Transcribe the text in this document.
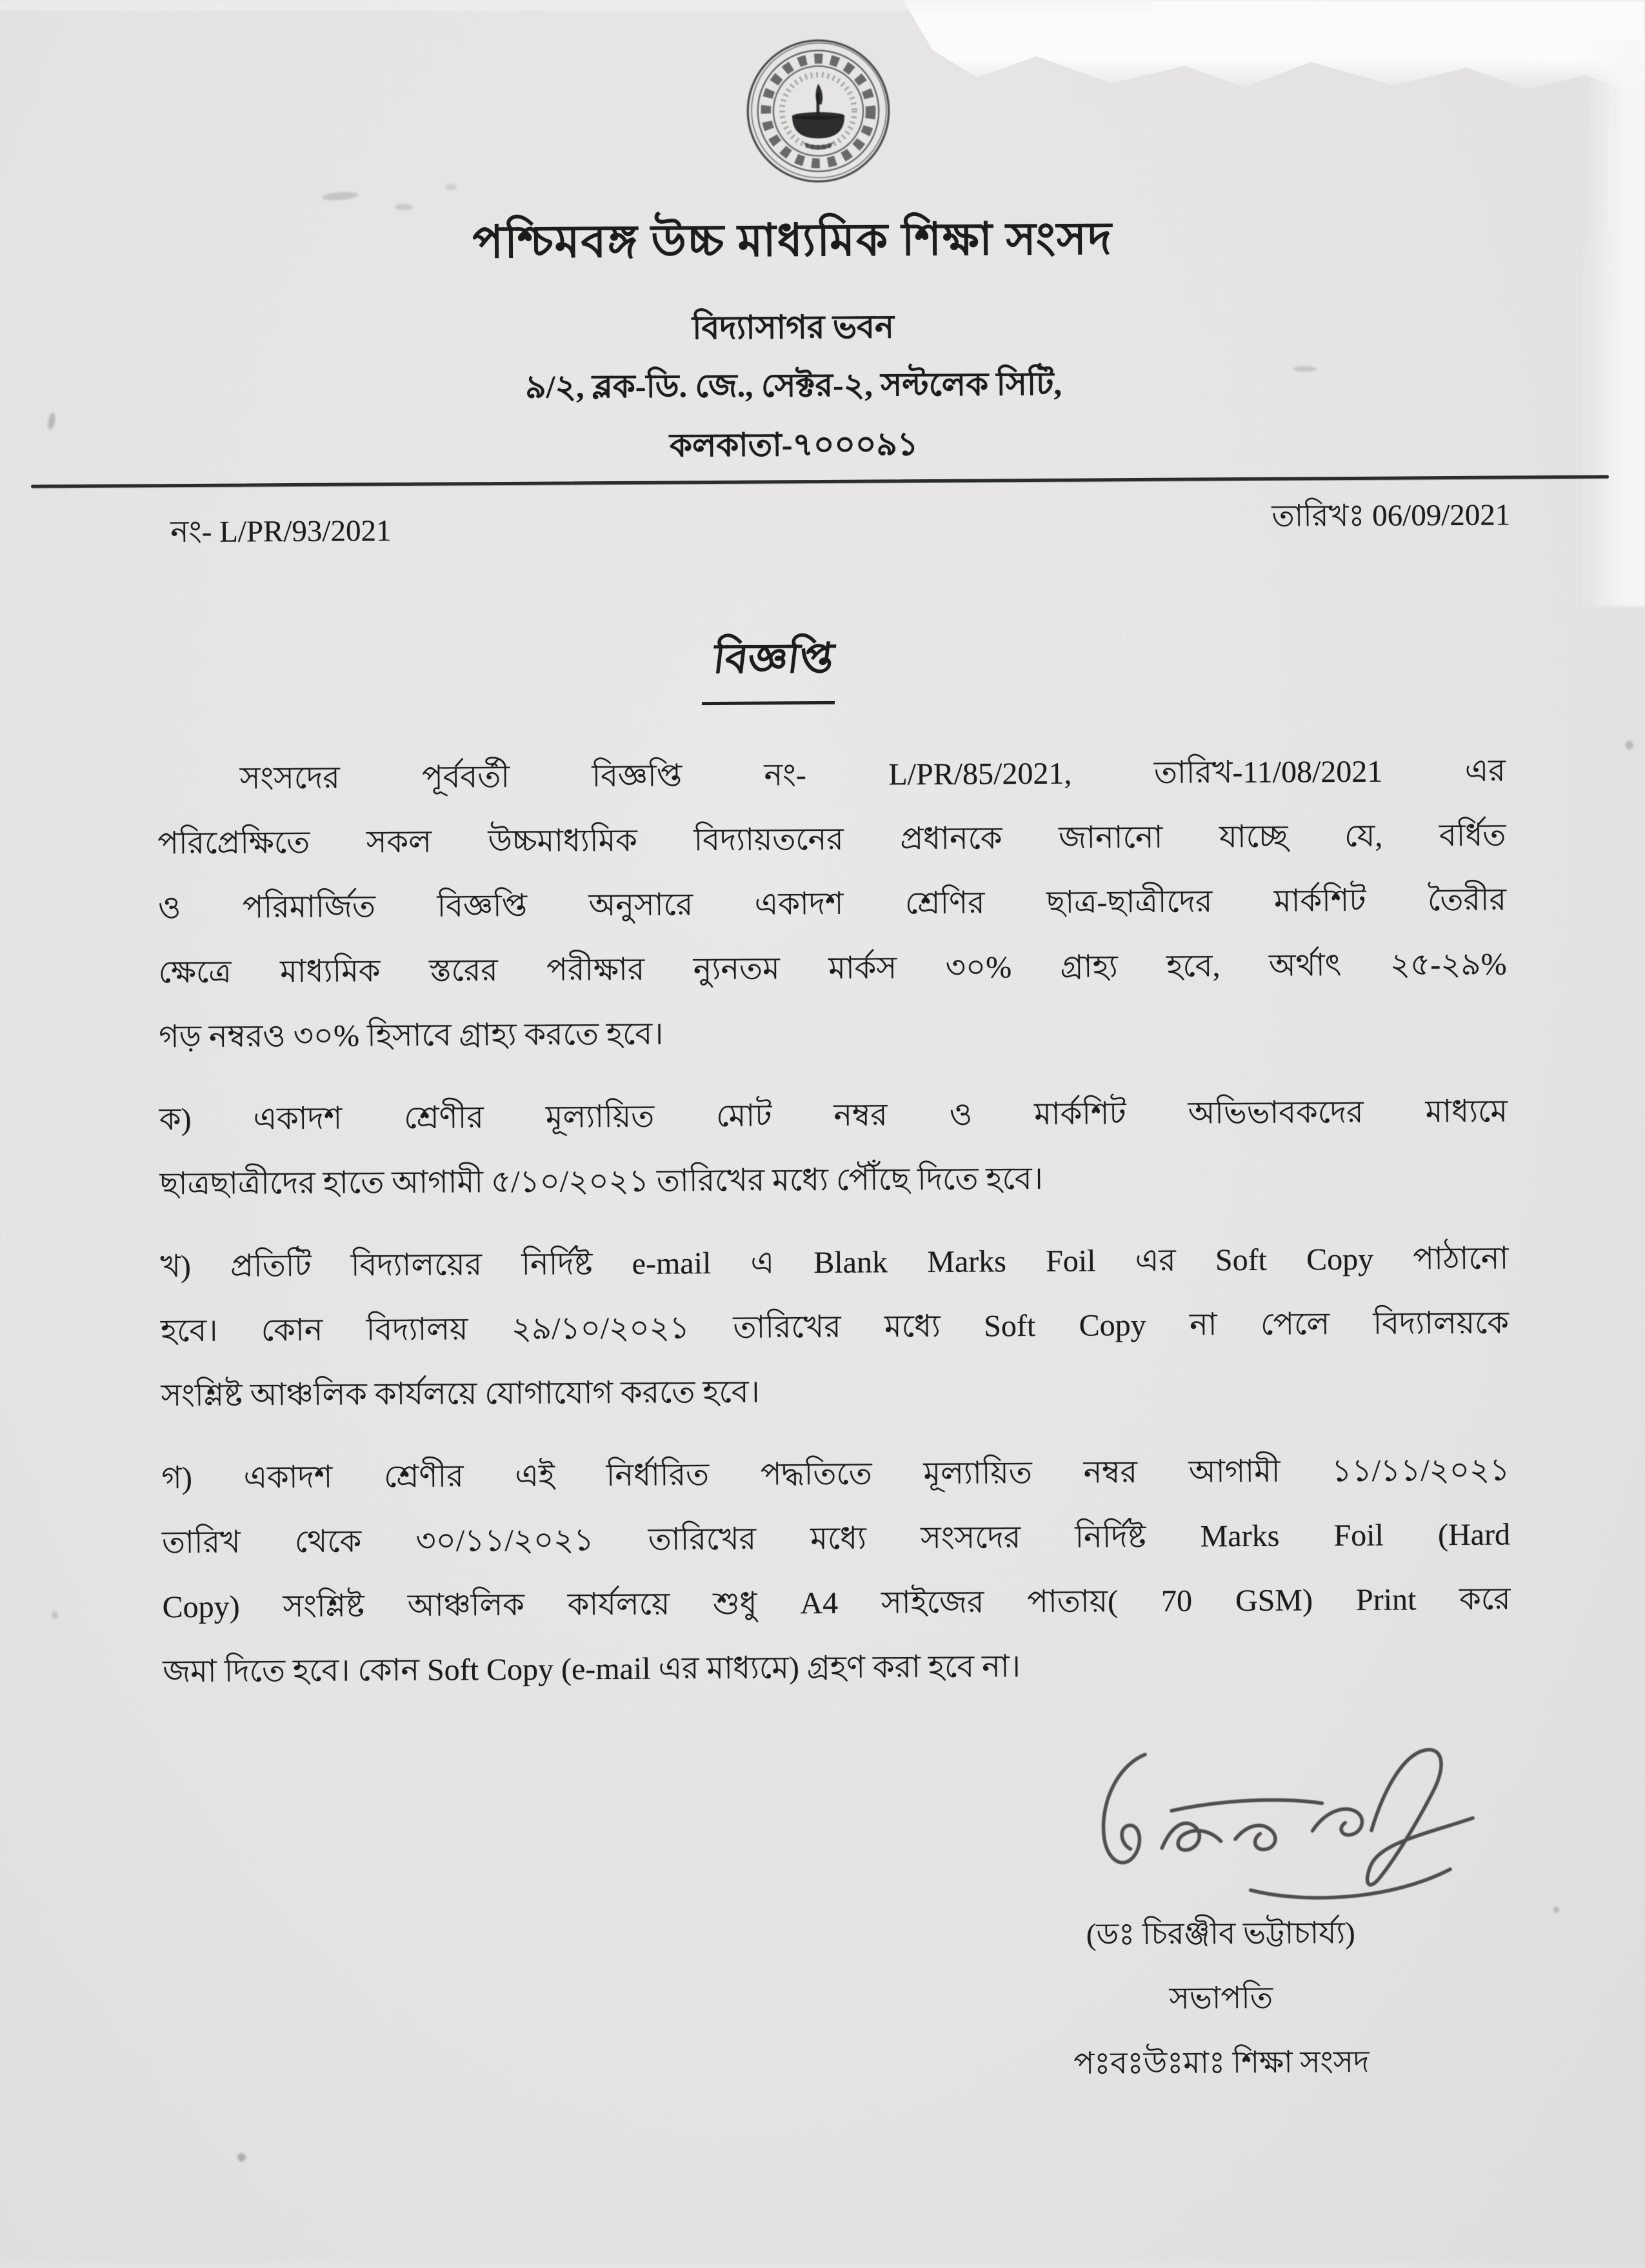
পশ্চিমবঙ্গ উচ্চ মাধ্যমিক শিক্ষা সংসদ
বিদ্যাসাগর ভবন
৯/২, ব্লক-ডি. জে., সেক্টর-২, সল্টলেক সিটি,
কলকাতা-৭০০০৯১
নং- L/PR/93/2021	তারিখঃ 06/09/2021
বিজ্ঞপ্তি
সংসদের পূর্ববর্তী বিজ্ঞপ্তি নং- L/PR/85/2021, তারিখ-11/08/2021 এর
পরিপ্রেক্ষিতে সকল উচ্চমাধ্যমিক বিদ্যায়তনের প্রধানকে জানানো যাচ্ছে যে, বর্ধিত
ও পরিমার্জিত বিজ্ঞপ্তি অনুসারে একাদশ শ্রেণির ছাত্র-ছাত্রীদের মার্কশিট তৈরীর
ক্ষেত্রে মাধ্যমিক স্তরের পরীক্ষার ন্যুনতম মার্কস ৩০% গ্রাহ্য হবে, অর্থাৎ ২৫-২৯%
গড় নম্বরও ৩০% হিসাবে গ্রাহ্য করতে হবে।
ক) একাদশ শ্রেণীর মূল্যায়িত মোট নম্বর ও মার্কশিট অভিভাবকদের মাধ্যমে
ছাত্রছাত্রীদের হাতে আগামী ৫/১০/২০২১ তারিখের মধ্যে পৌঁছে দিতে হবে।
খ) প্রতিটি বিদ্যালয়ের নির্দিষ্ট e-mail এ Blank Marks Foil এর Soft Copy পাঠানো
হবে। কোন বিদ্যালয় ২৯/১০/২০২১ তারিখের মধ্যে Soft Copy না পেলে বিদ্যালয়কে
সংশ্লিষ্ট আঞ্চলিক কার্যলয়ে যোগাযোগ করতে হবে।
গ) একাদশ শ্রেণীর এই নির্ধারিত পদ্ধতিতে মূল্যায়িত নম্বর আগামী ১১/১১/২০২১
তারিখ থেকে ৩০/১১/২০২১ তারিখের মধ্যে সংসদের নির্দিষ্ট Marks Foil (Hard
Copy) সংশ্লিষ্ট আঞ্চলিক কার্যলয়ে শুধু A4 সাইজের পাতায়( 70 GSM) Print করে
জমা দিতে হবে। কোন Soft Copy (e-mail এর মাধ্যমে) গ্রহণ করা হবে না।
(ডঃ চিরঞ্জীব ভট্টাচার্য্য)
সভাপতি
পঃবঃউঃমাঃ শিক্ষা সংসদ
